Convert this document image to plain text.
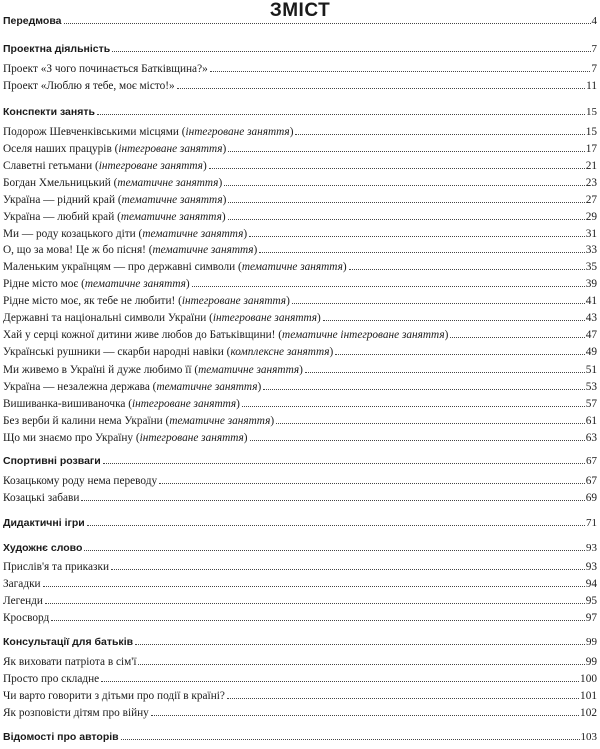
ЗМІСТ
Передмова	4
Проектна діяльність	7
Проект «З чого починається Батківщина?»	7
Проект «Люблю я тебе, моє місто!»	11
Конспекти занять	15
Подорож Шевченківськими місцями (інтегроване заняття)	15
Оселя наших працурів (інтегроване заняття)	17
Славетні гетьмани (інтегроване заняття)	21
Богдан Хмельницький (тематичне заняття)	23
Україна — рідний край (тематичне заняття)	27
Україна — любий край (тематичне заняття)	29
Ми — роду козацького діти (тематичне заняття)	31
О, що за мова! Це ж бо пісня! (тематичне заняття)	33
Маленьким українцям — про державні символи (тематичне заняття)	35
Рідне місто моє (тематичне заняття)	39
Рідне місто моє, як тебе не любити! (інтегроване заняття)	41
Державні та національні символи України (інтегроване заняття)	43
Хай у серці кожної дитини живе любов до Батьківщини! (тематичне інтегроване заняття)	47
Українські рушники — скарби народні навіки (комплексне заняття)	49
Ми живемо в Україні й дуже любимо її (тематичне заняття)	51
Україна — незалежна держава (тематичне заняття)	53
Вишиванка-вишиваночка (інтегроване заняття)	57
Без верби й калини нема України (тематичне заняття)	61
Що ми знаємо про Україну (інтегроване заняття)	63
Спортивні розваги	67
Козацькому роду нема переводу	67
Козацькі забави	69
Дидактичні ігри	71
Художнє слово	93
Прислів'я та приказки	93
Загадки	94
Легенди	95
Кросворд	97
Консультації для батьків	99
Як виховати патріота в сім'ї	99
Просто про складне	100
Чи варто говорити з дітьми про події в країні?	101
Як розповісти дітям про війну	102
Відомості про авторів	103
